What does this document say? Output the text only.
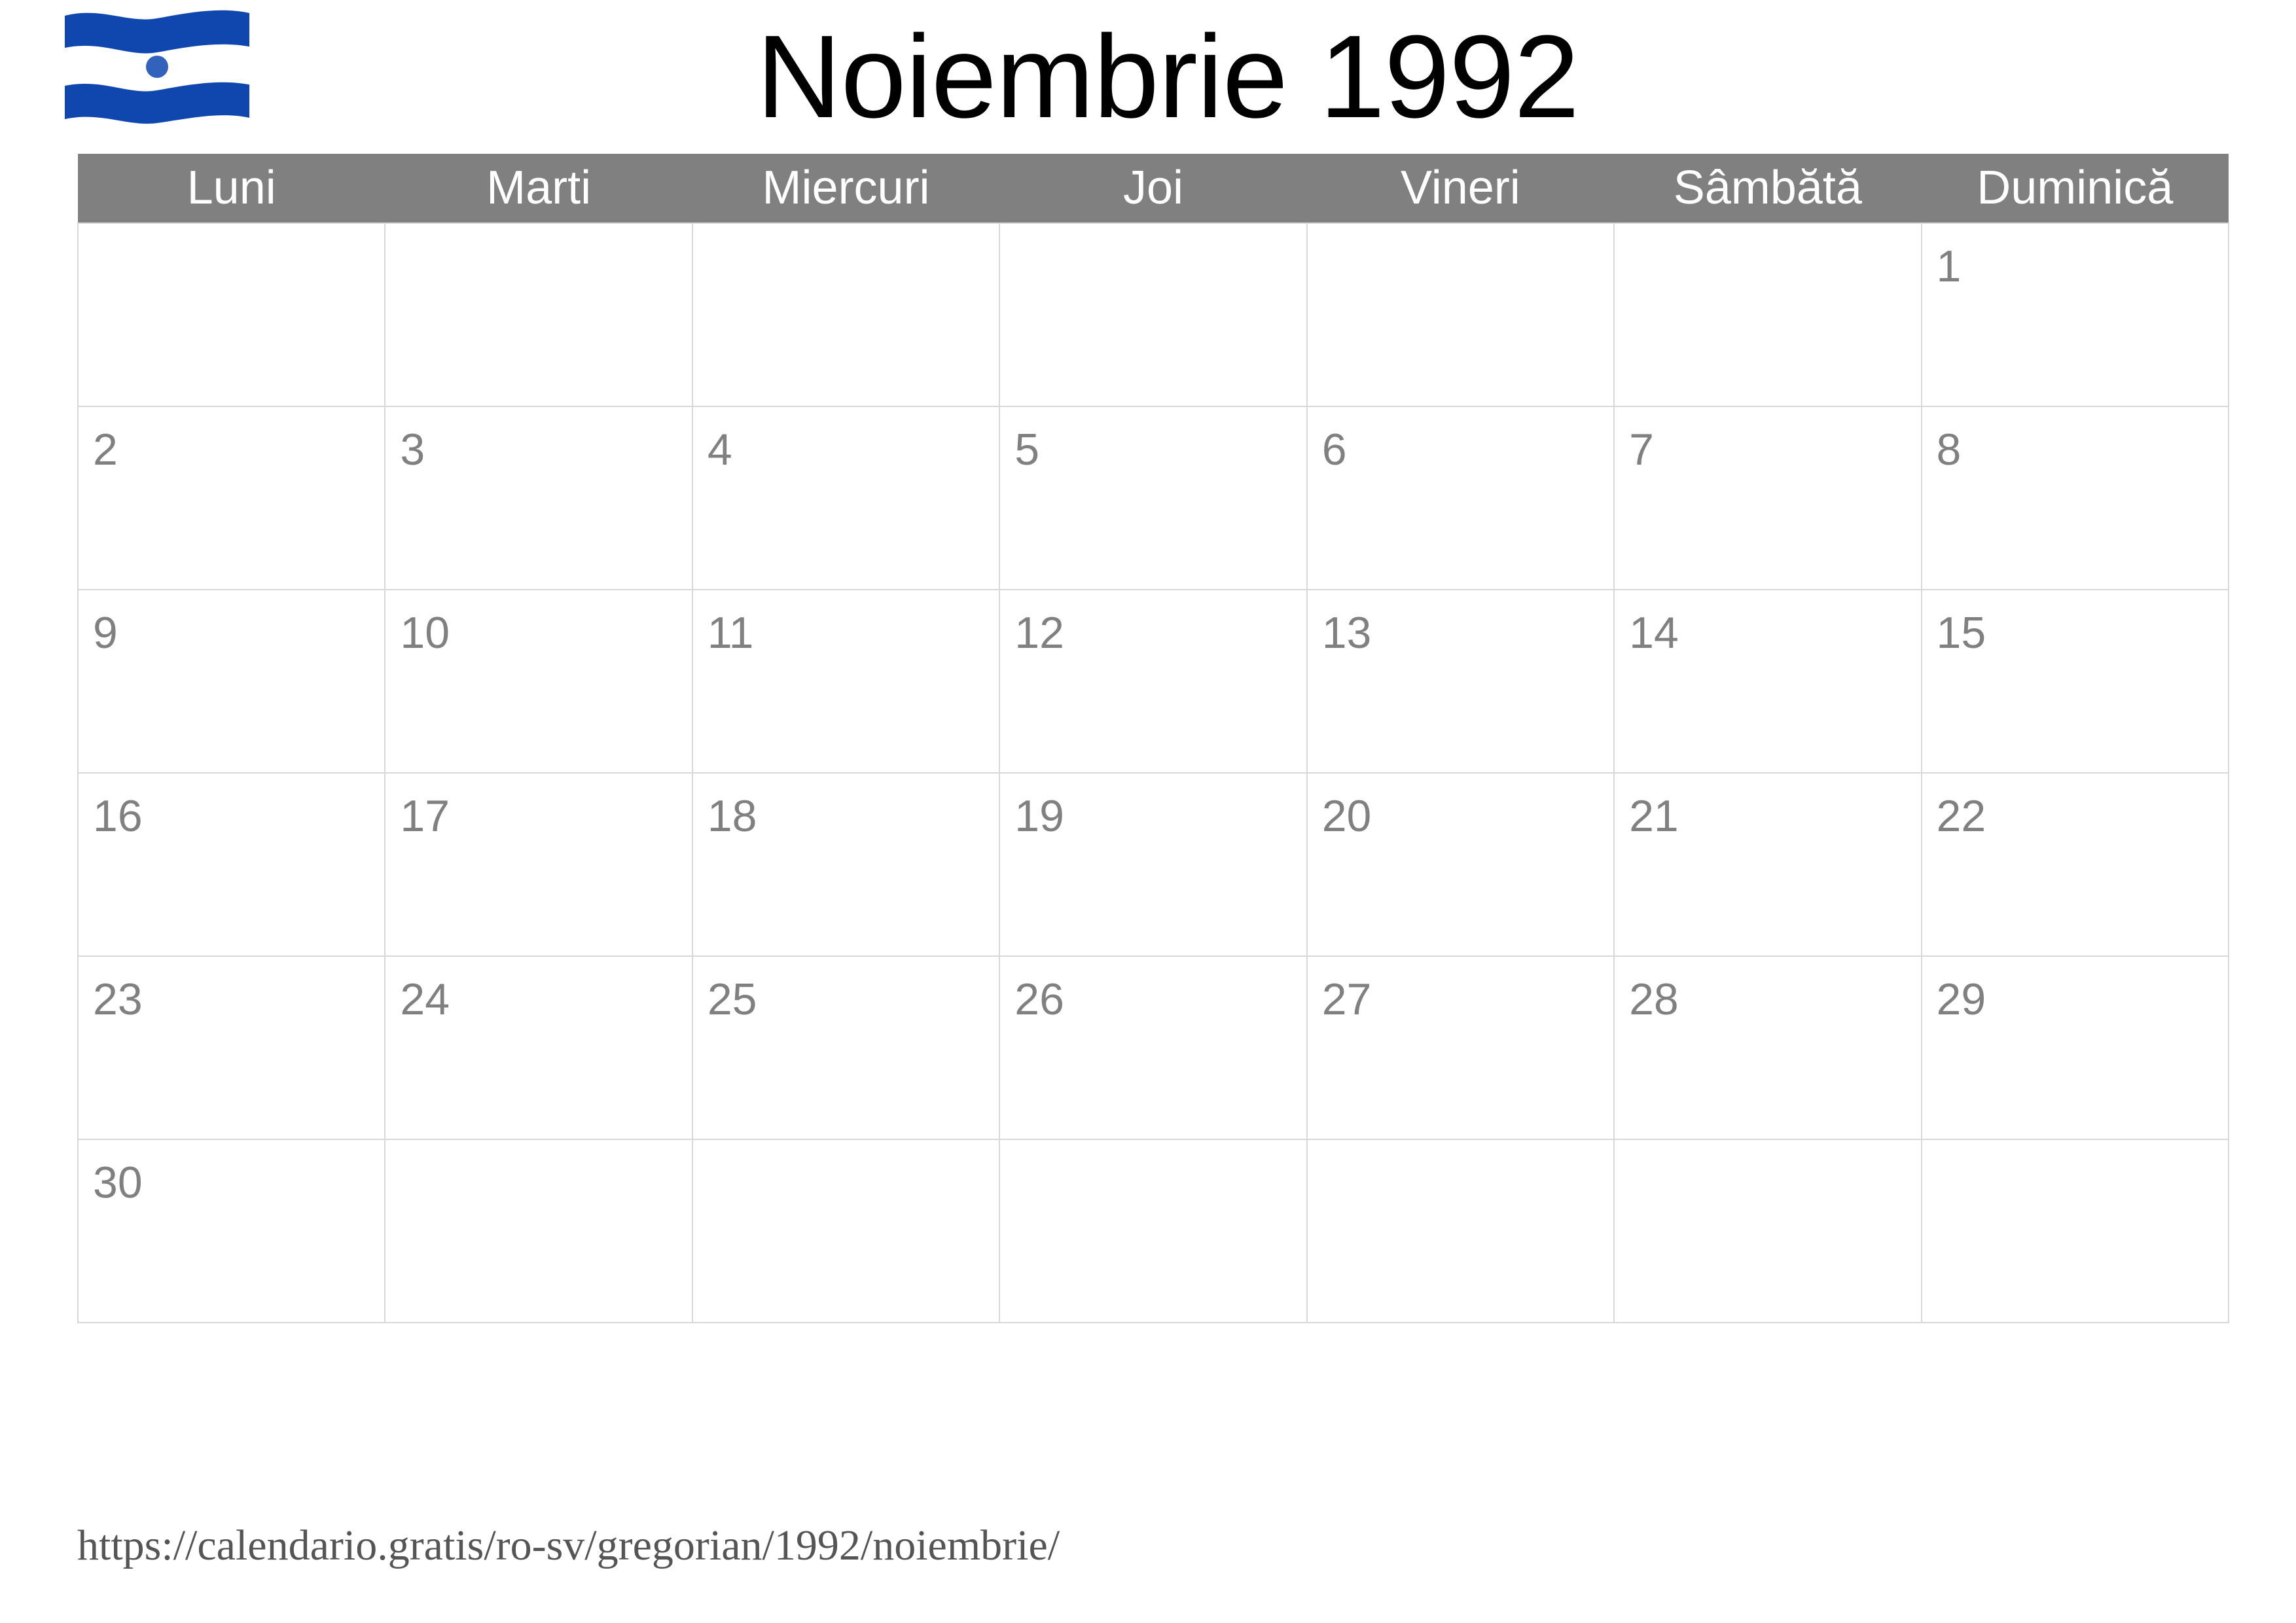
Noiembrie 1992
Luni	Marti	Miercuri	Joi	Vineri	Sâmbătă	Duminică

						1

2	3	4	5	6	7	8

9	10	11	12	13	14	15

16	17	18	19	20	21	22

23	24	25	26	27	28	29

30						

https://calendario.gratis/ro-sv/gregorian/1992/noiembrie/
